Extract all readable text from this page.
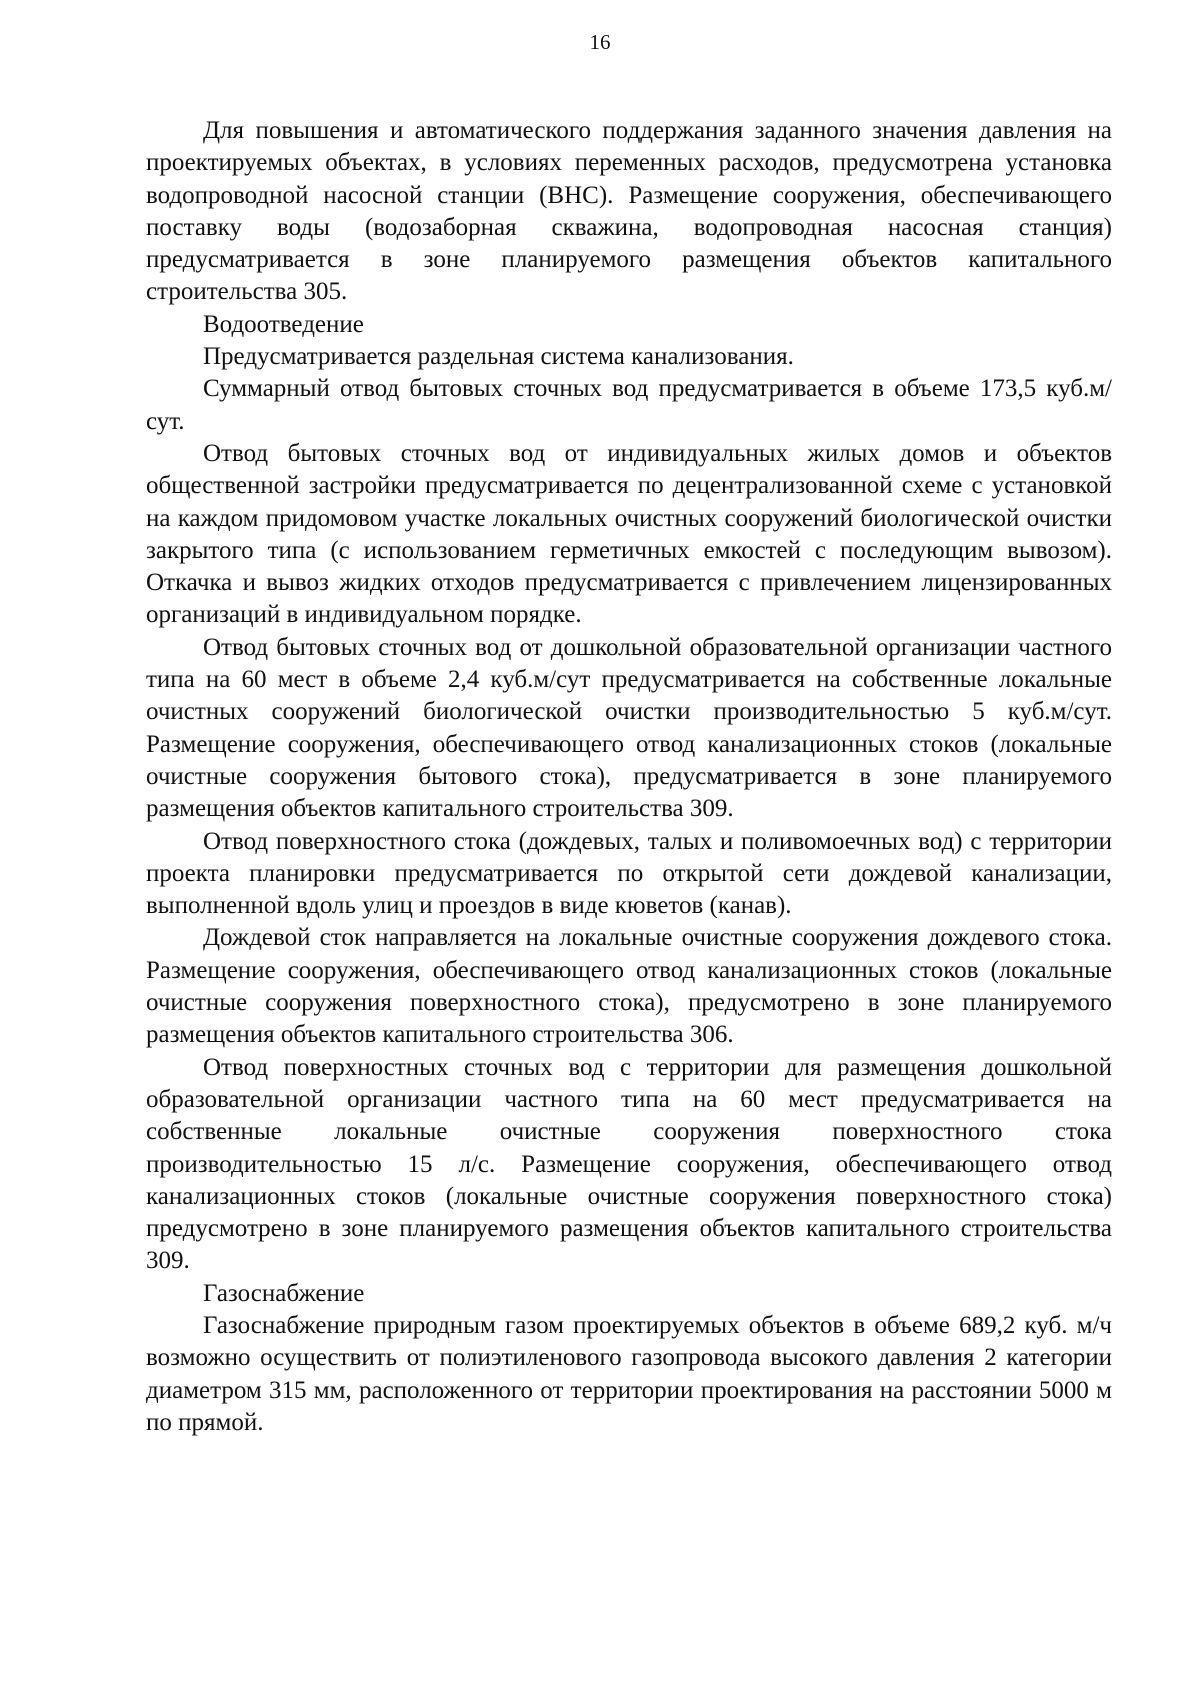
16

Для повышения и автоматического поддержания заданного значения давления на проектируемых объектах, в условиях переменных расходов, предусмотрена установка водопроводной насосной станции (ВНС). Размещение сооружения, обеспечивающего поставку воды (водозаборная скважина, водопроводная насосная станция) предусматривается в зоне планируемого размещения объектов капитального строительства 305.

Водоотведение

Предусматривается раздельная система канализования.

Суммарный отвод бытовых сточных вод предусматривается в объеме 173,5 куб.м/сут.

Отвод бытовых сточных вод от индивидуальных жилых домов и объектов общественной застройки предусматривается по децентрализованной схеме с установкой на каждом придомовом участке локальных очистных сооружений биологической очистки закрытого типа (с использованием герметичных емкостей с последующим вывозом). Откачка и вывоз жидких отходов предусматривается с привлечением лицензированных организаций в индивидуальном порядке.

Отвод бытовых сточных вод от дошкольной образовательной организации частного типа на 60 мест в объеме 2,4 куб.м/сут предусматривается на собственные локальные очистных сооружений биологической очистки производительностью 5 куб.м/сут. Размещение сооружения, обеспечивающего отвод канализационных стоков (локальные очистные сооружения бытового стока), предусматривается в зоне планируемого размещения объектов капитального строительства 309.

Отвод поверхностного стока (дождевых, талых и поливомоечных вод) с территории проекта планировки предусматривается по открытой сети дождевой канализации, выполненной вдоль улиц и проездов в виде кюветов (канав).

Дождевой сток направляется на локальные очистные сооружения дождевого стока. Размещение сооружения, обеспечивающего отвод канализационных стоков (локальные очистные сооружения поверхностного стока), предусмотрено в зоне планируемого размещения объектов капитального строительства 306.

Отвод поверхностных сточных вод с территории для размещения дошкольной образовательной организации частного типа на 60 мест предусматривается на собственные локальные очистные сооружения поверхностного стока производительностью 15 л/с. Размещение сооружения, обеспечивающего отвод канализационных стоков (локальные очистные сооружения поверхностного стока) предусмотрено в зоне планируемого размещения объектов капитального строительства 309.

Газоснабжение

Газоснабжение природным газом проектируемых объектов в объеме 689,2 куб. м/ч возможно осуществить от полиэтиленового газопровода высокого давления 2 категории диаметром 315 мм, расположенного от территории проектирования на расстоянии 5000 м по прямой.
